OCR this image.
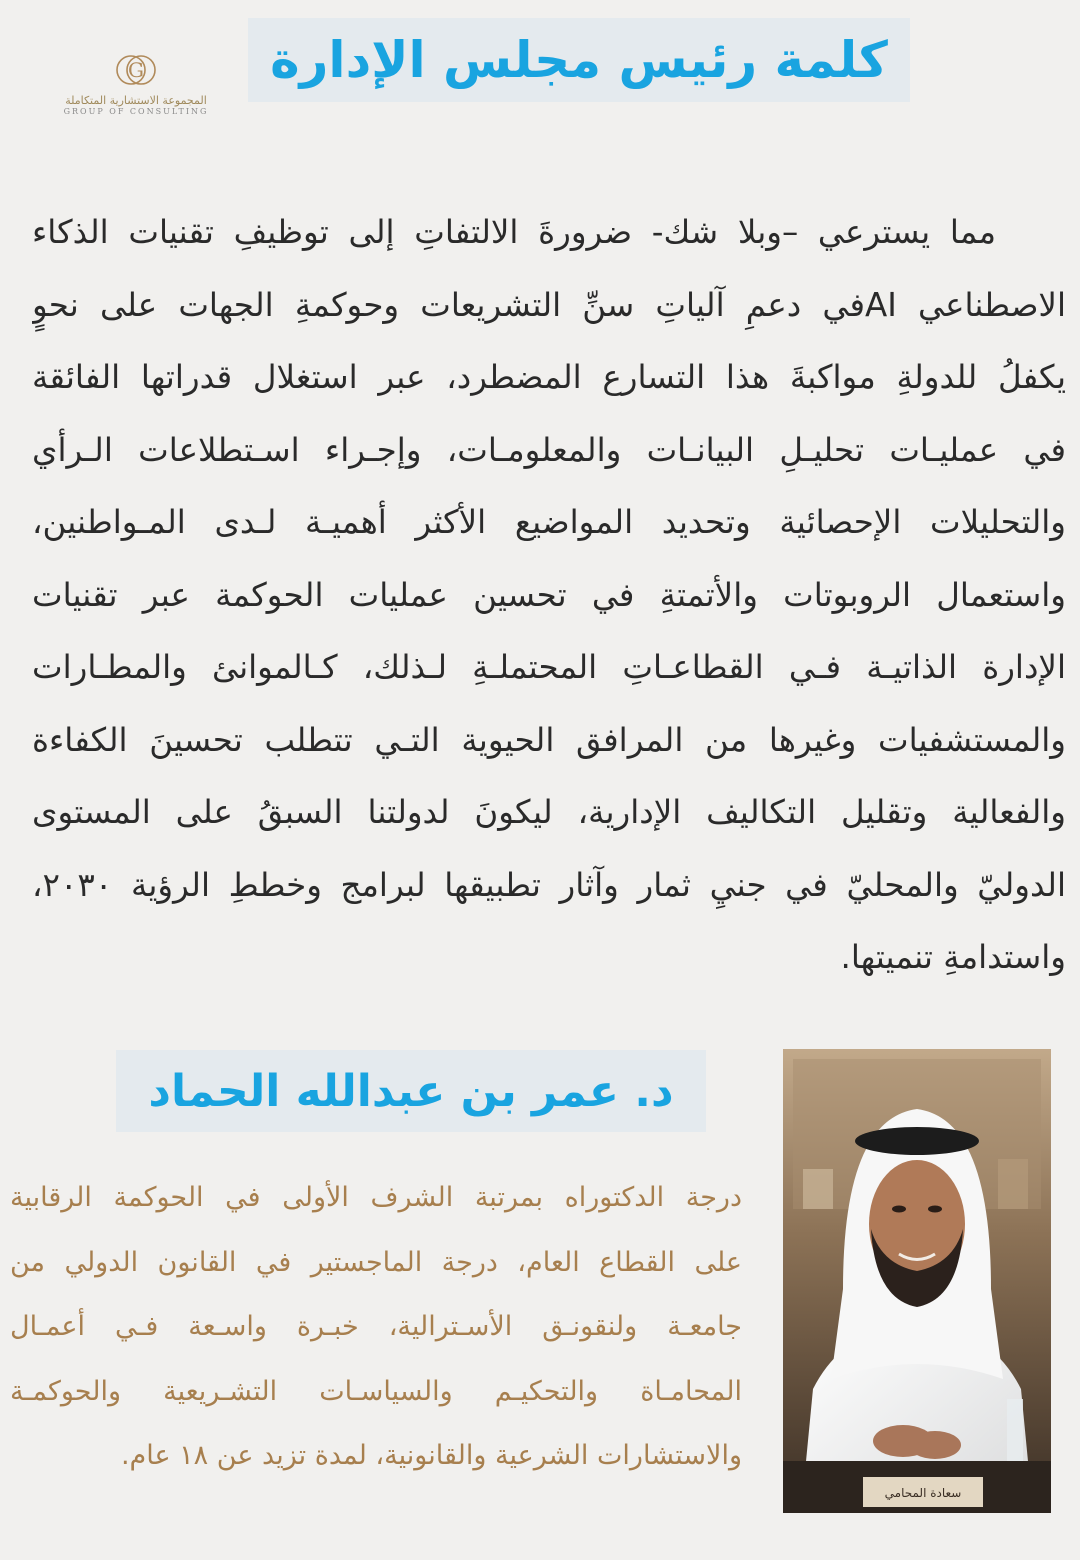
كلمة رئيس مجلس الإدارة
G
المجموعة الاستشارية المتكاملة
GROUP OF CONSULTING
مما يسترعي –وبلا شك- ضرورةَ الالتفاتِ إلى توظيفِ تقنيات الذكاء
الاصطناعي AIفي دعمِ آلياتِ سنِّ التشريعات وحوكمةِ الجهات على نحوٍ
يكفلُ للدولةِ مواكبةَ هذا التسارع المضطرد، عبر استغلال قدراتها الفائقة
في عمليـات تحليـلِ البيانـات والمعلومـات، وإجـراء اسـتطلاعات الـرأي
والتحليلات الإحصائية وتحديد المواضيع الأكثر أهميـة لـدى المـواطنين،
واستعمال الروبوتات والأتمتةِ في تحسين عمليات الحوكمة عبر تقنيات
الإدارة الذاتيـة فـي القطاعـاتِ المحتملـةِ لـذلك، كـالموانئ والمطـارات
والمستشفيات وغيرها من المرافق الحيوية التـي تتطلب تحسينَ الكفاءة
والفعالية وتقليل التكاليف الإدارية، ليكونَ لدولتنا السبقُ على المستوى
الدوليّ والمحليّ في جنيِ ثمار وآثار تطبيقها لبرامج وخططِ الرؤية ٢٠٣٠،
واستدامةِ تنميتها.
د. عمر بن عبدالله الحماد
سعادة المحامي
درجة الدكتوراه بمرتبة الشرف الأولى في الحوكمة الرقابية
على القطاع العام، درجة الماجستير في القانون الدولي من
جامعـة ولنقونـق الأسـترالية، خبـرة واسـعة فـي أعمـال
المحامـاة والتحكيـم والسياسـات التشـريعية والحوكمـة
والاستشارات الشرعية والقانونية، لمدة تزيد عن ١٨ عام.
